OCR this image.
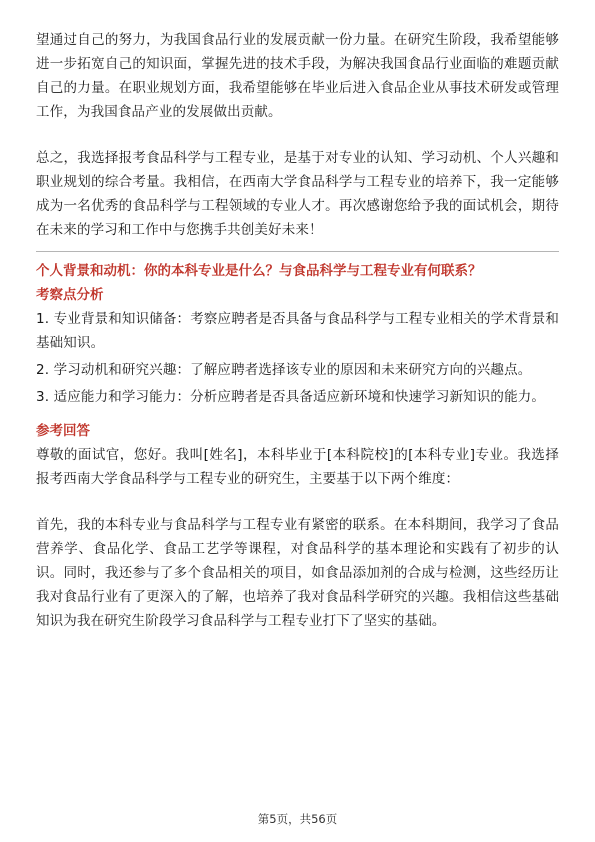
望通过自己的努力，为我国食品行业的发展贡献一份力量。在研究生阶段，我希望能够进一步拓宽自己的知识面，掌握先进的技术手段，为解决我国食品行业面临的难题贡献自己的力量。在职业规划方面，我希望能够在毕业后进入食品企业从事技术研发或管理工作，为我国食品产业的发展做出贡献。

总之，我选择报考食品科学与工程专业，是基于对专业的认知、学习动机、个人兴趣和职业规划的综合考量。我相信，在西南大学食品科学与工程专业的培养下，我一定能够成为一名优秀的食品科学与工程领域的专业人才。再次感谢您给予我的面试机会，期待在未来的学习和工作中与您携手共创美好未来！

个人背景和动机：你的本科专业是什么？与食品科学与工程专业有何联系？
考察点分析

1. 专业背景和知识储备：考察应聘者是否具备与食品科学与工程专业相关的学术背景和基础知识。

2. 学习动机和研究兴趣：了解应聘者选择该专业的原因和未来研究方向的兴趣点。

3. 适应能力和学习能力：分析应聘者是否具备适应新环境和快速学习新知识的能力。

参考回答

尊敬的面试官，您好。我叫[姓名]，本科毕业于[本科院校]的[本科专业]专业。我选择报考西南大学食品科学与工程专业的研究生，主要基于以下两个维度：

首先，我的本科专业与食品科学与工程专业有紧密的联系。在本科期间，我学习了食品营养学、食品化学、食品工艺学等课程，对食品科学的基本理论和实践有了初步的认识。同时，我还参与了多个食品相关的项目，如食品添加剂的合成与检测，这些经历让我对食品行业有了更深入的了解，也培养了我对食品科学研究的兴趣。我相信这些基础知识为我在研究生阶段学习食品科学与工程专业打下了坚实的基础。

第5页，共56页
